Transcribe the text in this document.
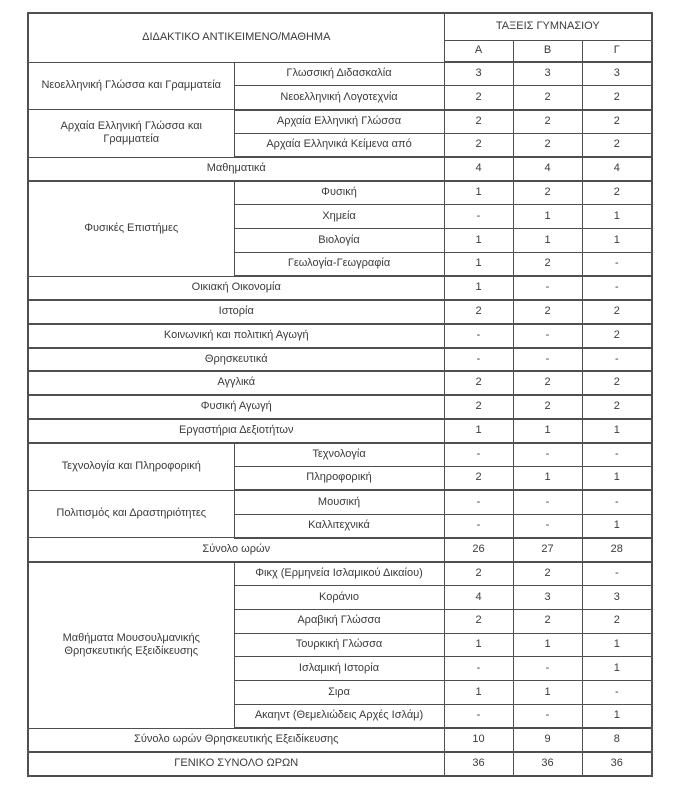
ΔΙΔΑΚΤΙΚΟ ΑΝΤΙΚΕΙΜΕΝΟ/ΜΑΘΗΜΑ		ΤΑΞΕΙΣ ΓΥΜΝΑΣΙΟΥ		
		Α	Β	Γ
Νεοελληνική Γλώσσα και Γραμματεία	Γλωσσική Διδασκαλία	3	3	3
	Νεοελληνική Λογοτεχνία	2	2	2
Αρχαία Ελληνική Γλώσσα και Γραμματεία	Αρχαία Ελληνική Γλώσσα	2	2	2
	Αρχαία Ελληνικά Κείμενα από	2	2	2
Μαθηματικά		4	4	4
Φυσικές Επιστήμες	Φυσική	1	2	2
	Χημεία	-	1	1
	Βιολογία	1	1	1
	Γεωλογία-Γεωγραφία	1	2	-
Οικιακή Οικονομία		1	-	-
Ιστορία		2	2	2
Κοινωνική και πολιτική Αγωγή		-	-	2
Θρησκευτικά		-	-	-
Αγγλικά		2	2	2
Φυσική Αγωγή		2	2	2
Εργαστήρια Δεξιοτήτων		1	1	1
Τεχνολογία και Πληροφορική	Τεχνολογία	-	-	-
	Πληροφορική	2	1	1
Πολιτισμός και Δραστηριότητες	Μουσική	-	-	-
	Καλλιτεχνικά	-	-	1
Σύνολο ωρών		26	27	28
Μαθήματα Μουσουλμανικής Θρησκευτικής Εξειδίκευσης	Φικχ (Ερμηνεία Ισλαμικού Δικαίου)	2	2	-
	Κοράνιο	4	3	3
	Αραβική Γλώσσα	2	2	2
	Τουρκική Γλώσσα	1	1	1
	Ισλαμική Ιστορία	-	-	1
	Σιρα	1	1	-
	Ακαηντ (Θεμελιώδεις Αρχές Ισλάμ)	-	-	1
Σύνολο ωρών Θρησκευτικής Εξειδίκευσης		10	9	8
ΓΕΝΙΚΟ ΣΥΝΟΛΟ ΩΡΩΝ		36	36	36
